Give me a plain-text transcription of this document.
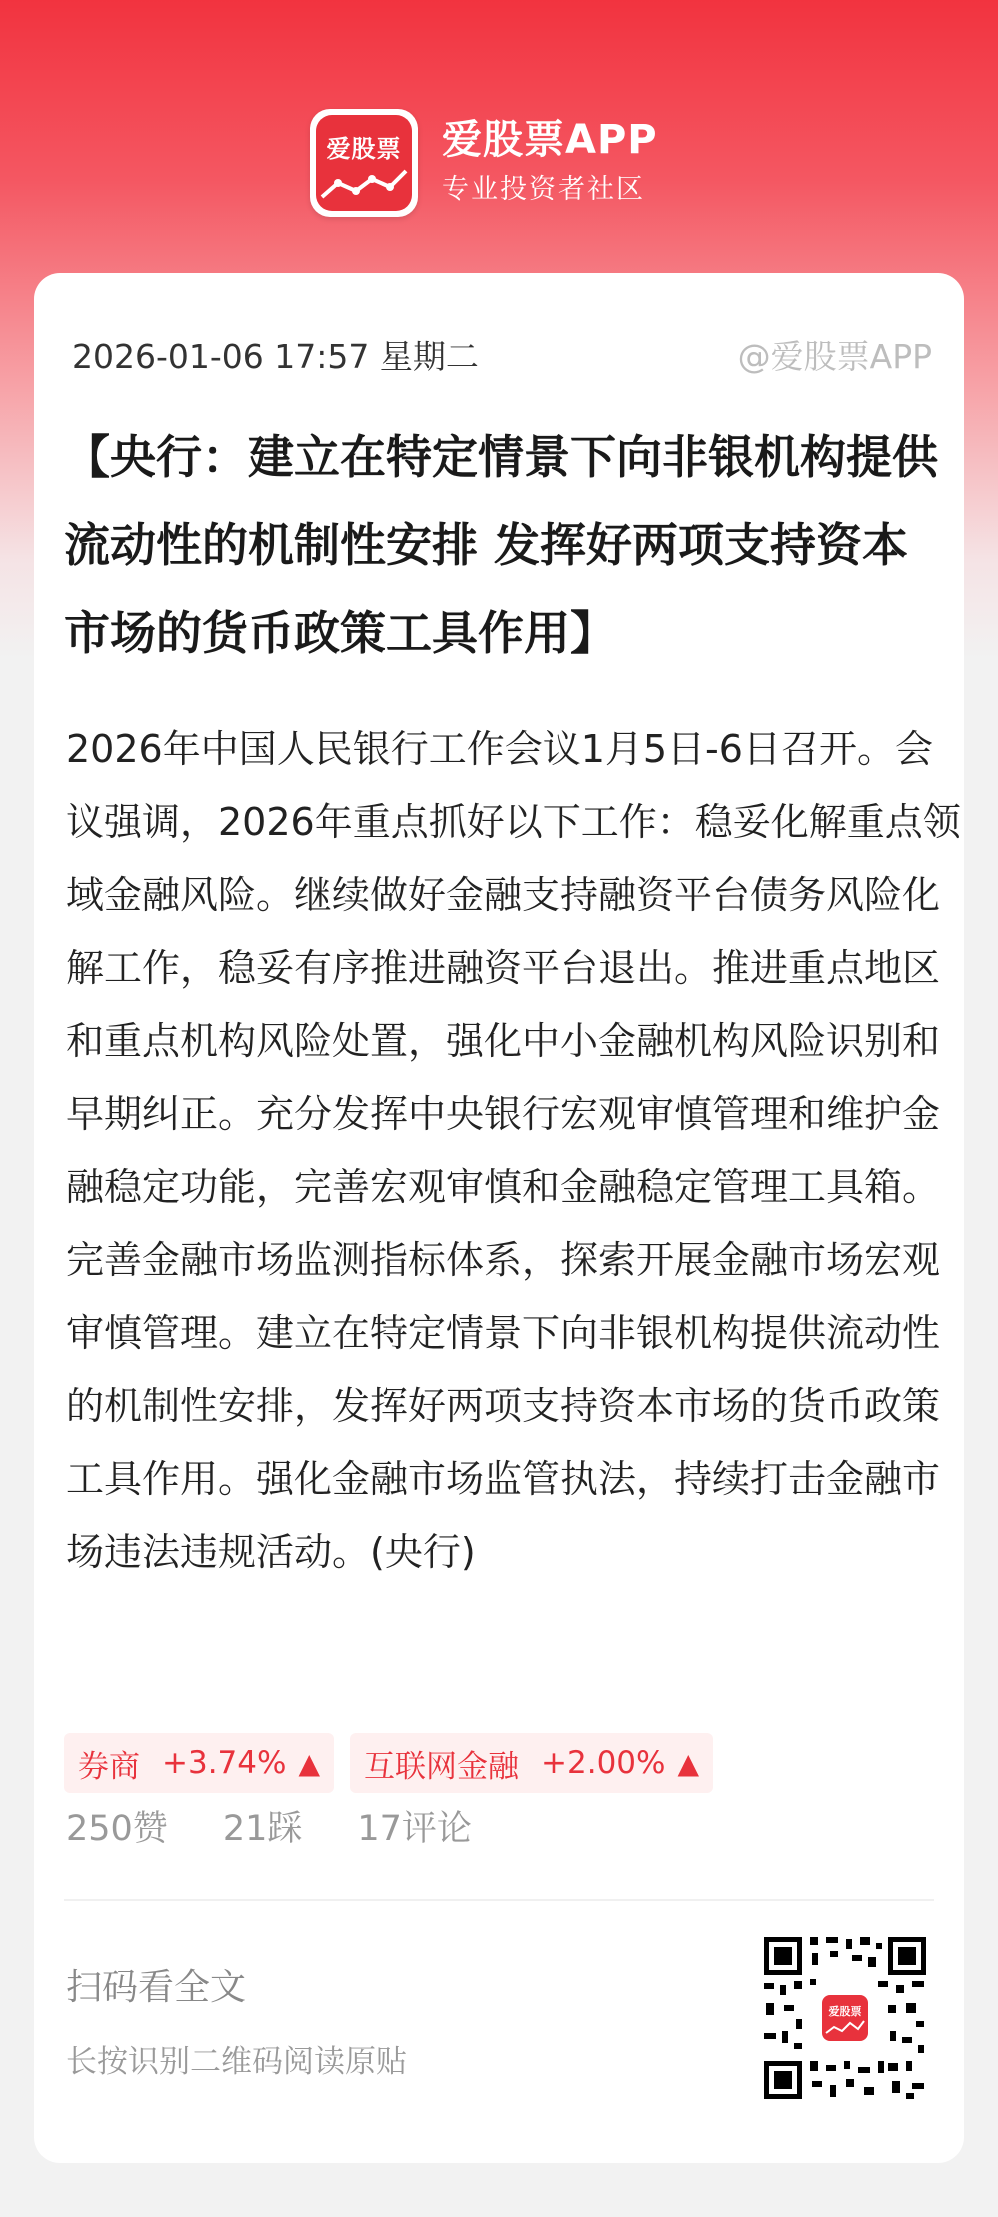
爱股票 爱股票APP
专业投资者社区
2026-01-06 17:57 星期二	@爱股票APP
【央行：建立在特定情景下向非银机构提供流动性的机制性安排 发挥好两项支持资本市场的货币政策工具作用】

2026年中国人民银行工作会议1月5日-6日召开。会议强调，2026年重点抓好以下工作：稳妥化解重点领域金融风险。继续做好金融支持融资平台债务风险化解工作，稳妥有序推进融资平台退出。推进重点地区和重点机构风险处置，强化中小金融机构风险识别和早期纠正。充分发挥中央银行宏观审慎管理和维护金融稳定功能，完善宏观审慎和金融稳定管理工具箱。完善金融市场监测指标体系，探索开展金融市场宏观审慎管理。建立在特定情景下向非银机构提供流动性的机制性安排，发挥好两项支持资本市场的货币政策工具作用。强化金融市场监管执法，持续打击金融市场违法违规活动。(央行)

券商 +3.74% ▲ 互联网金融 +2.00% ▲
250赞 21踩 17评论
扫码看全文
长按识别二维码阅读原贴
爱股票
